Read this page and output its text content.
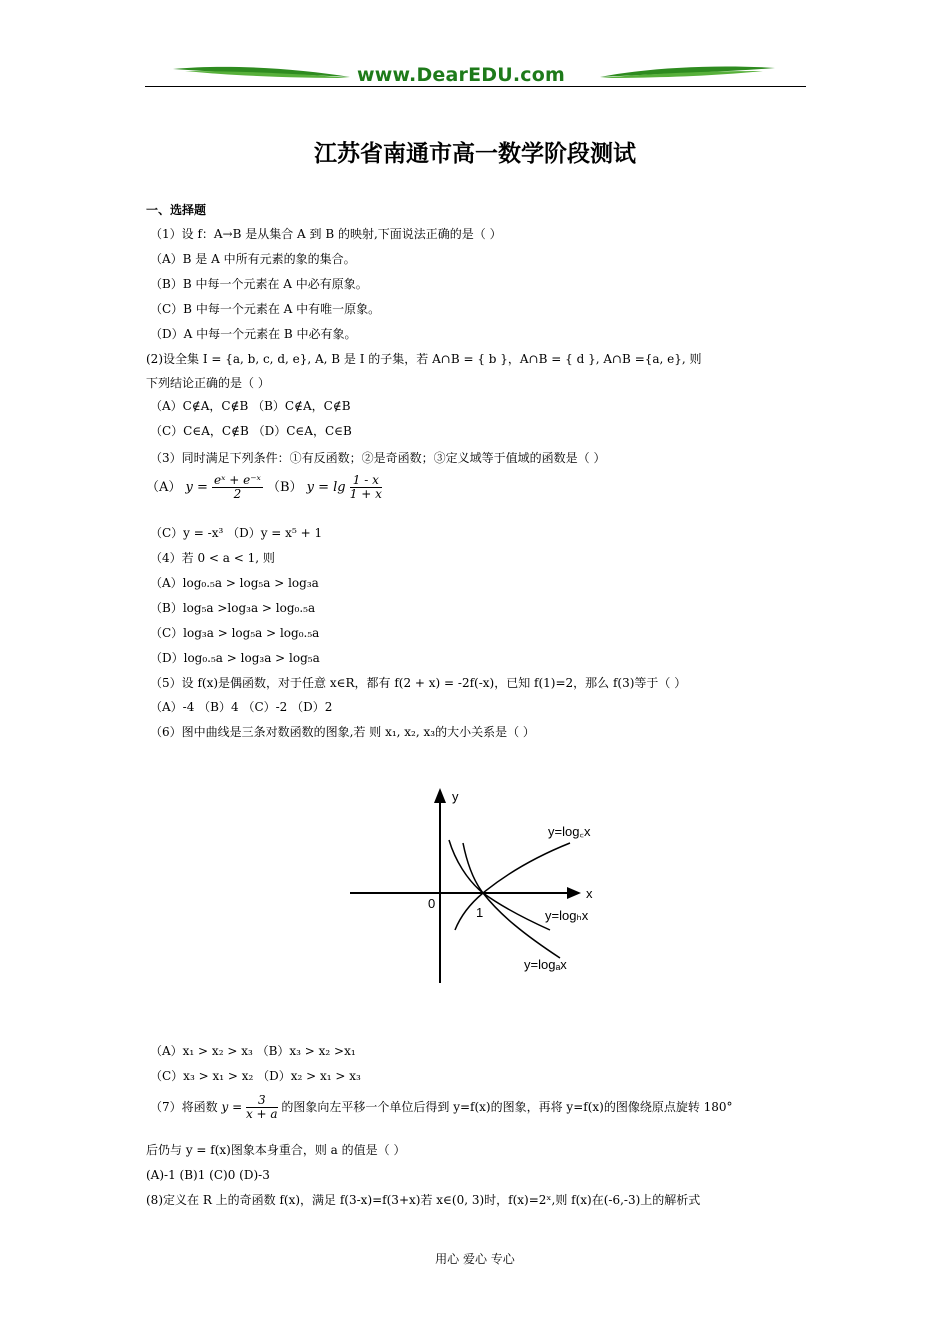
www.DearEDU.com
江苏省南通市高一数学阶段测试
一、选择题
（1）设 f：A→B 是从集合 A 到 B 的映射,下面说法正确的是（ ）
（A）B 是 A 中所有元素的象的集合。
（B）B 中每一个元素在 A 中必有原象。
（C）B 中每一个元素在 A 中有唯一原象。
（D）A 中每一个元素在 B 中必有象。
(2)设全集 I = {a, b, c, d, e}, A, B 是 I 的子集，若 A∩B = { b }，A∩B = { d }, A∩B ={a, e}, 则
下列结论正确的是（ ）
（A）C∉A，C∉B （B）C∉A，C∉B
（C）C∈A，C∉B （D）C∈A，C∈B
（3）同时满足下列条件：①有反函数；②是奇函数；③定义域等于值域的函数是（ ）
（A） $y = \frac{\text{eˣ + e⁻ˣ}}{2} (B) y = \lg \frac{1 - x}{1 + x}$
（C）y = -x³ （D）y = x⁵ + 1
（4）若 0 < a < 1, 则
（A）log₀.₅a > log₅a > log₃a
（B）log₅a >log₃a > log₀.₅a
（C）log₃a > log₅a > log₀.₅a
（D）log₀.₅a > log₃a > log₅a
（5）设 f(x)是偶函数，对于任意 x∈R，都有 f(2 + x) = -2f(-x)，已知 f(1)=2，那么 f(3)等于（ ）
（A）-4 （B）4 （C）-2 （D）2
（6）图中曲线是三条对数函数的图象,若 则 x₁, x₂, x₃的大小关系是（ ）
y
x
0
1
y=log꜀x
y=logₕx
y=logₐx
（A）x₁ > x₂ > x₃ （B）x₃ > x₂ >x₁
（C）x₃ > x₁ > x₂ （D）x₂ > x₁ > x₃
（7）将函数 $y = \frac{3}{x + a}$ 的图象向左平移一个单位后得到 y=f(x)的图象，再将 y=f(x)的图像绕原点旋转 180°
后仍与 y = f(x)图象本身重合，则 a 的值是（ ）
(A)-1 (B)1 (C)0 (D)-3
(8)定义在 R 上的奇函数 f(x)，满足 f(3-x)=f(3+x)若 x∈(0, 3)时，f(x)=2ˣ,则 f(x)在(-6,-3)上的解析式
用心 爱心 专心
